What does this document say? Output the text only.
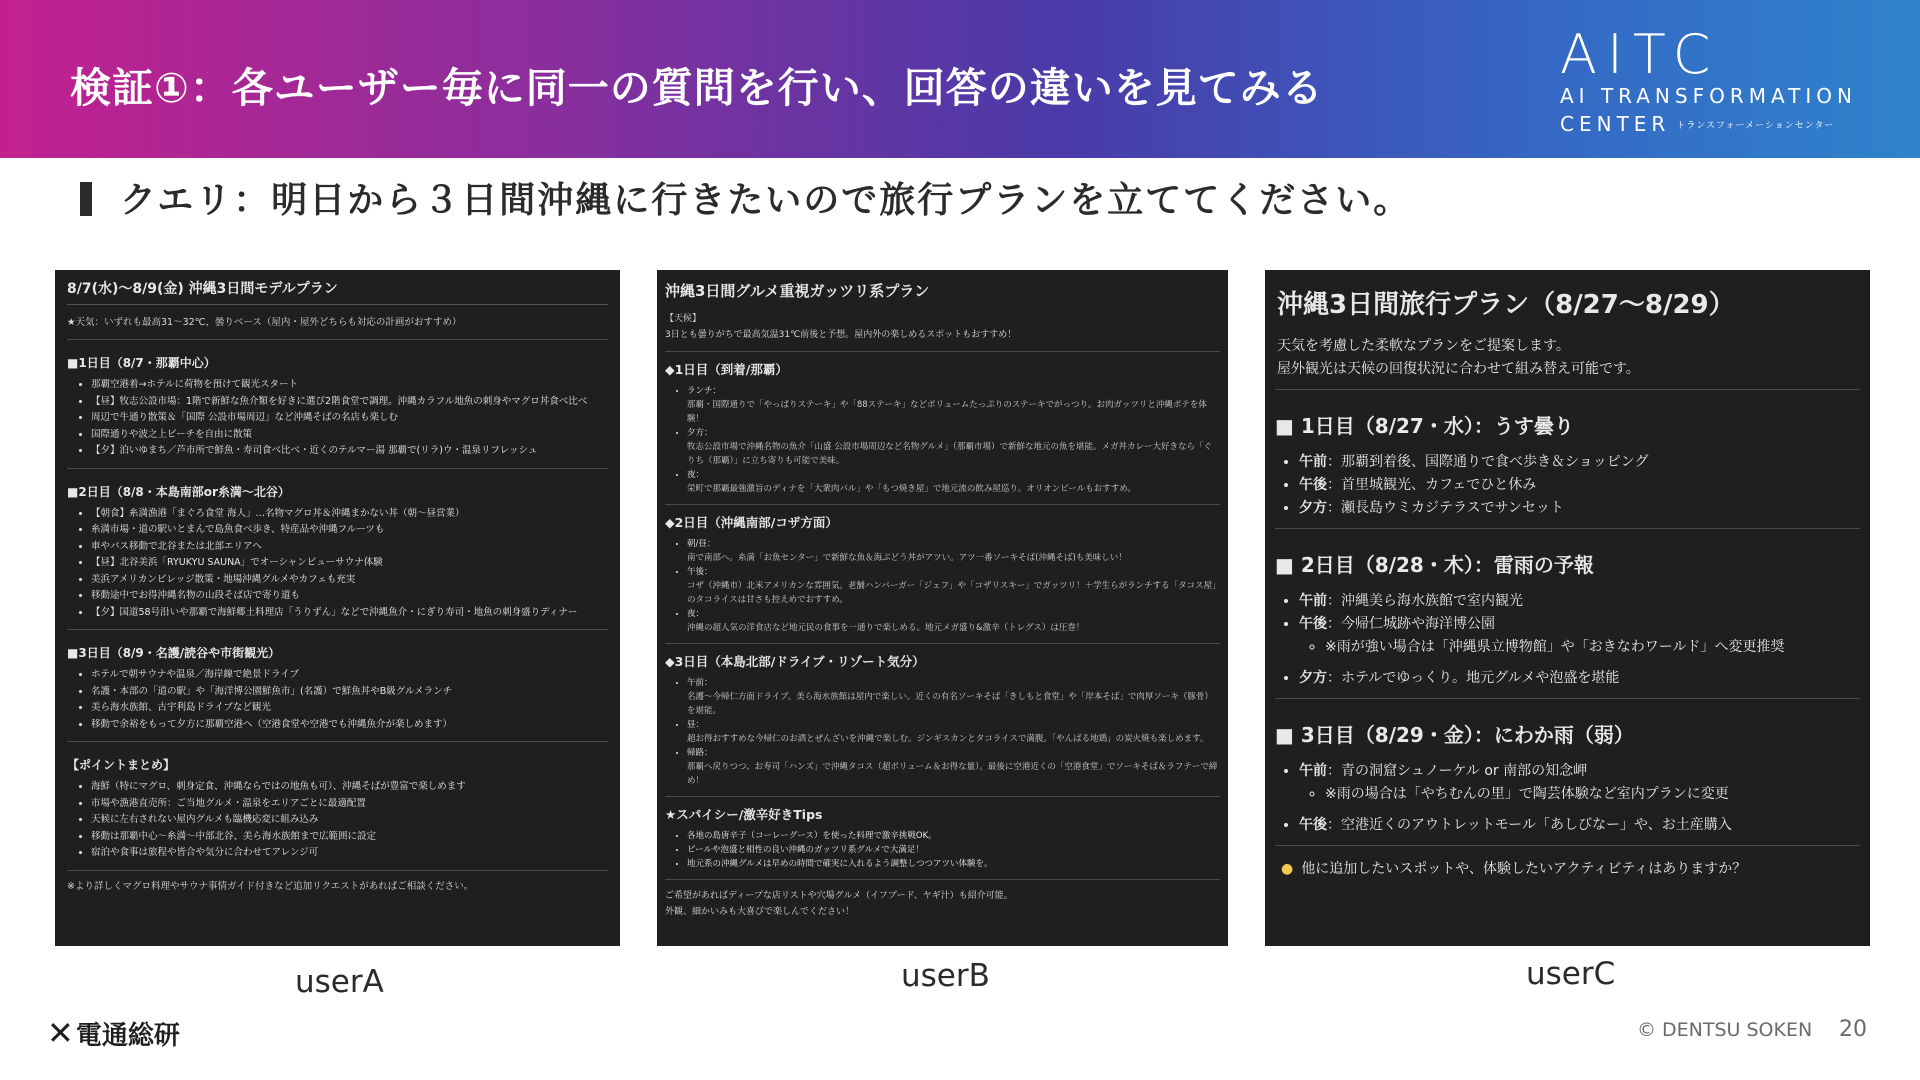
検証①：各ユーザー毎に同一の質問を行い、回答の違いを見てみる
AITC
AI TRANSFORMATION
CENTER トランスフォーメーションセンター
クエリ：明日から３日間沖縄に行きたいので旅行プランを立ててください。
8/7(水)～8/9(金) 沖縄3日間モデルプラン
★天気：いずれも最高31～32℃、曇りベース（屋内・屋外どちらも対応の計画がおすすめ）
■1日目（8/7・那覇中心）
• 那覇空港着→ホテルに荷物を預けて観光スタート
• 【昼】牧志公設市場：1階で新鮮な魚介類を好きに選び2階食堂で調理。沖縄カラフル地魚の刺身やマグロ丼食べ比べ
• 周辺で牛通り散策＆「国際 公設市場周辺」など沖縄そばの名店も楽しむ
• 国際通りや波之上ビーチを自由に散策
• 【夕】泊いゆまち／芦市所で鮮魚・寿司食べ比べ・近くのテルマー湯 那覇で(リラ)ウ・温泉リフレッシュ
■2日目（8/8・本島南部or糸満～北谷）
• 【朝食】糸満漁港「まぐろ食堂 海人」…名物マグロ丼＆沖縄まかない丼（朝～昼営業）
• 糸満市場・道の駅いとまんで島魚食べ歩き、特産品や沖縄フルーツも
• 車やバス移動で北谷または北部エリアへ
• 【昼】北谷美浜「RYUKYU SAUNA」でオーシャンビューサウナ体験
• 美浜アメリカンビレッジ散策・地場沖縄グルメやカフェも充実
• 移動途中でお得沖縄名物の山段そば店で寄り道も
• 【夕】国道58号沿いや那覇で海鮮郷土料理店「うりずん」などで沖縄魚介・にぎり寿司・地魚の刺身盛りディナー
■3日目（8/9・名護/読谷や市街観光）
• ホテルで朝サウナや温泉／海岸線で絶景ドライブ
• 名護・本部の「道の駅」や「海洋博公園鮮魚市」(名護）で鮮魚丼やB級グルメランチ
• 美ら海水族館、古宇利島ドライブなど観光
• 移動で余裕をもって夕方に那覇空港へ（空港食堂や空港でも沖縄魚介が楽しめます）
【ポイントまとめ】
• 海鮮（特にマグロ、刺身定食、沖縄ならではの地魚も可）、沖縄そばが豊富で楽しめます
• 市場や漁港直売所：ご当地グルメ・温泉をエリアごとに最適配置
• 天候に左右されない屋内グルメも臨機応変に組み込み
• 移動は那覇中心～糸満～中部北谷、美ら海水族館まで広範囲に設定
• 宿泊や食事は旅程や皆合や気分に合わせてアレンジ可
※より詳しくマグロ料理やサウナ事情ガイド付きなど追加リクエストがあればご相談ください。
沖縄3日間グルメ重視ガッツリ系プラン
【天候】
3日とも曇りがちで最高気温31℃前後と予想。屋内外の楽しめるスポットもおすすめ！
◆1日目（到着/那覇）
• ランチ：
那覇・国際通りで「やっぱりステーキ」や「88ステーキ」などボリュームたっぷりのステーキでがっつり。お肉ガッツリと沖縄ポテを体験！
• 夕方：
牧志公設市場で沖縄名物の魚介「山盛 公設市場周辺など名物グルメ」（那覇市場）で新鮮な地元の魚を堪能。メガ丼カレー大好きなら「ぐりち（那覇）」に立ち寄りも可能で美味。
• 夜：
栄町で那覇最強激旨のディナを「大衆肉バル」や「もつ焼き屋」で地元流の飲み屋巡り。オリオンビールもおすすめ。
◆2日目（沖縄南部/コザ方面）
• 朝/昼：
南で南部へ。糸満「お魚センター」で新鮮な魚＆海ぶどう丼がアツい。アツ一番ソーキそば(沖縄そば)も美味しい！
• 午後：
コザ（沖縄市）北米アメリカンな雰囲気。老舗ハンバーガー「ジェフ」や「コザリスキー」でガッツリ！＋学生らがランチする「タコス屋」のタコライスは甘さも控えめでおすすめ。
• 夜：
沖縄の超人気の洋食店など地元民の食事を一通りで楽しめる。地元メガ盛り&激辛（トレグス）は圧巻！
◆3日目（本島北部/ドライブ・リゾート気分）
• 午前：
名護～今帰仁方面ドライブ。美ら海水族館は屋内で楽しい。近くの有名ソーキそば「きしもと食堂」や「岸本そば」で肉厚ソーキ（豚骨）を堪能。
• 昼：
超お得おすすめな今帰仁のお酒とぜんざいを沖縄で楽しむ。ジンギスカンとタコライスで満腹。「やんばる地鶏」の炭火焼も楽しめます。
• 帰路：
那覇へ戻りつつ、お寿司「ハンズ」で沖縄タコス（超ボリューム＆お得な量）。最後に空港近くの「空港食堂」でソーキそば＆ラフテーで締め！
★スパイシー/激辛好きTips
• 各地の島唐辛子（コーレーグース）を使った料理で激辛挑戦OK。
• ビールや泡盛と相性の良い沖縄のガッツリ系グルメで大満足！
• 地元系の沖縄グルメは早めの時間で確実に入れるよう調整しつつアツい体験を。
ご希望があればディープな店リストや穴場グルメ（イフプード、ヤギ汁）も紹介可能。
外観、細かいみも大喜びで楽しんでください！
沖縄3日間旅行プラン（8/27～8/29）
天気を考慮した柔軟なプランをご提案します。
屋外観光は天候の回復状況に合わせて組み替え可能です。
■ 1日目（8/27・水）：うす曇り
• 午前：那覇到着後、国際通りで食べ歩き＆ショッピング
• 午後：首里城観光、カフェでひと休み
• 夕方：瀬長島ウミカジテラスでサンセット
■ 2日目（8/28・木）：雷雨の予報
• 午前：沖縄美ら海水族館で室内観光
• 午後：今帰仁城跡や海洋博公園
◦ ※雨が強い場合は「沖縄県立博物館」や「おきなわワールド」へ変更推奨
• 夕方：ホテルでゆっくり。地元グルメや泡盛を堪能
■ 3日目（8/29・金）：にわか雨（弱）
• 午前：青の洞窟シュノーケル or 南部の知念岬
◦ ※雨の場合は「やちむんの里」で陶芸体験など室内プランに変更
• 午後：空港近くのアウトレットモール「あしびなー」や、お土産購入
● 他に追加したいスポットや、体験したいアクティビティはありますか？
userA	userB	userC
✕電通総研	© DENTSU SOKEN 20
